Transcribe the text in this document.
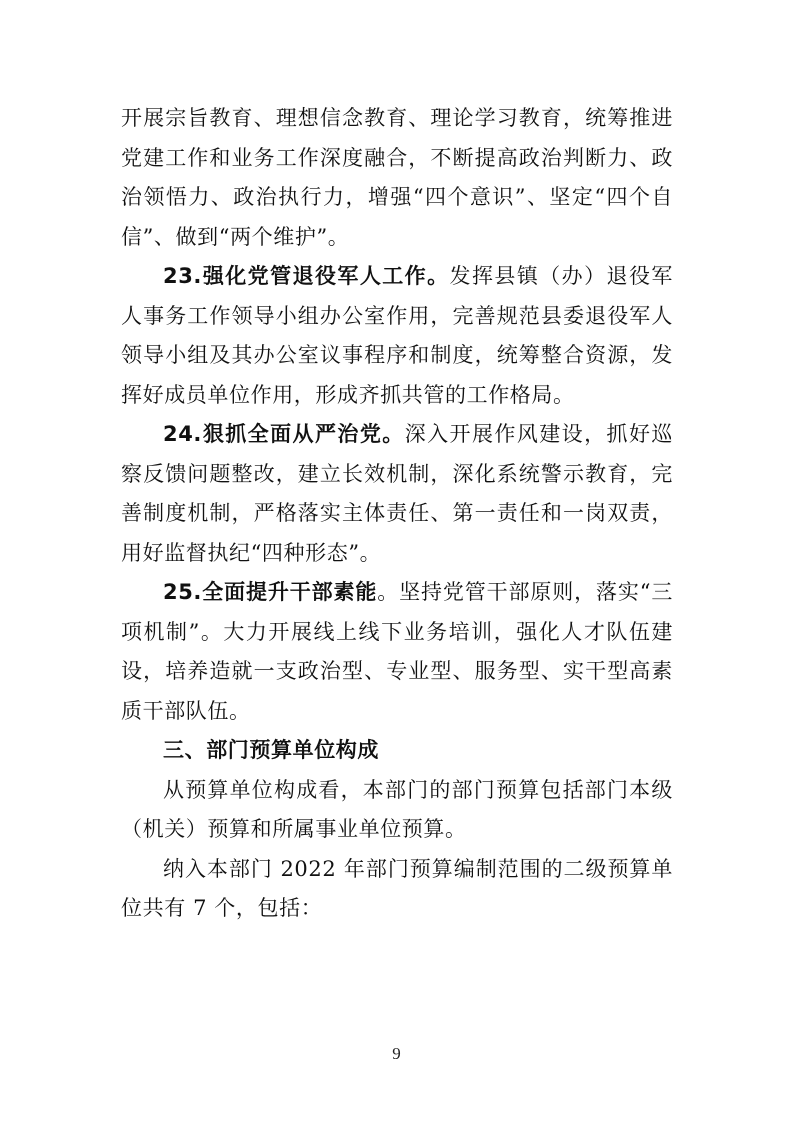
开展宗旨教育、理想信念教育、理论学习教育，统筹推进党建工作和业务工作深度融合，不断提高政治判断力、政治领悟力、政治执行力，增强“四个意识”、坚定“四个自信”、做到“两个维护”。

23.强化党管退役军人工作。发挥县镇（办）退役军人事务工作领导小组办公室作用，完善规范县委退役军人领导小组及其办公室议事程序和制度，统筹整合资源，发挥好成员单位作用，形成齐抓共管的工作格局。

24.狠抓全面从严治党。深入开展作风建设，抓好巡察反馈问题整改，建立长效机制，深化系统警示教育，完善制度机制，严格落实主体责任、第一责任和一岗双责，用好监督执纪“四种形态”。

25.全面提升干部素能。坚持党管干部原则，落实“三项机制”。大力开展线上线下业务培训，强化人才队伍建设，培养造就一支政治型、专业型、服务型、实干型高素质干部队伍。

三、部门预算单位构成

从预算单位构成看，本部门的部门预算包括部门本级（机关）预算和所属事业单位预算。

纳入本部门 2022 年部门预算编制范围的二级预算单位共有 7 个，包括：

9
